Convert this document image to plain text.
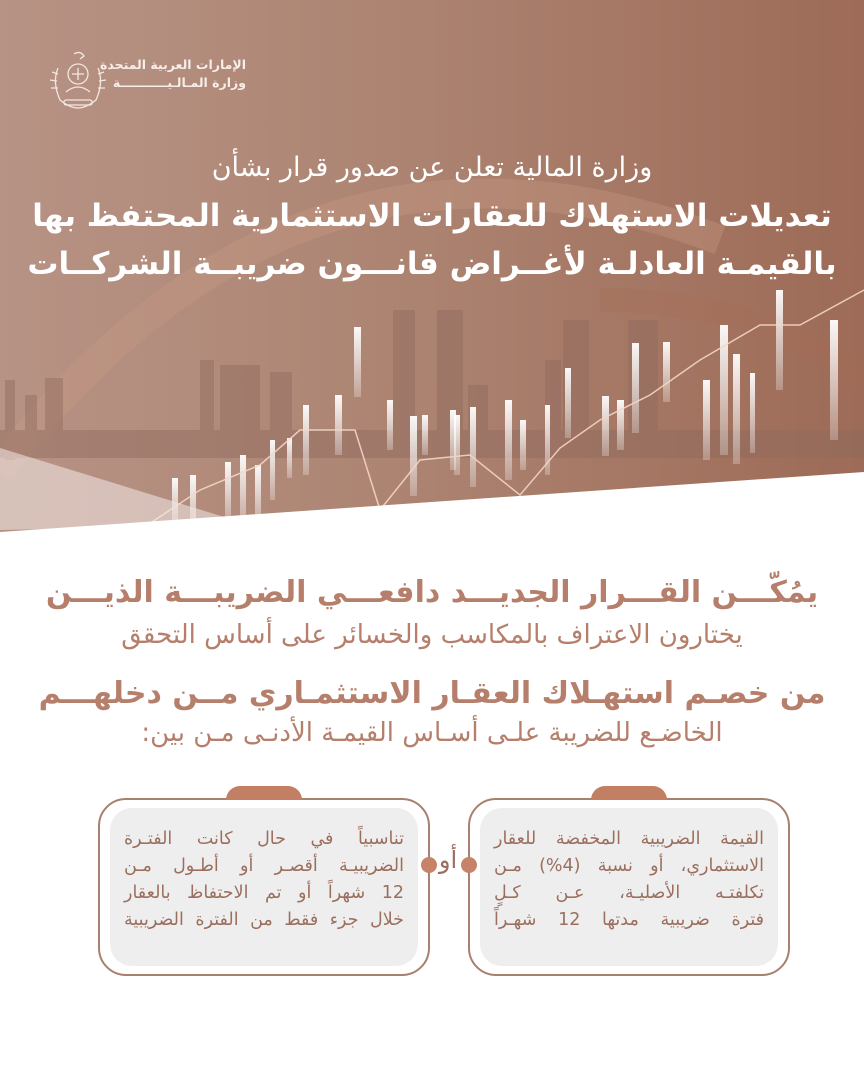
الإمارات العربية المتحدة
وزارة المـالـيـــــــــــة
وزارة المالية تعلن عن صدور قرار بشأن
تعديلات الاستهلاك للعقارات الاستثمارية المحتفظ بها
بالقيمـة العادلـة لأغــراض قانـــون ضريبــة الشركــات
يمُكّـــن القـــرار الجديـــد دافعـــي الضريبـــة الذيـــن
يختارون الاعتراف بالمكاسب والخسائر على أساس التحقق
من خصـم استهـلاك العقـار الاستثمـاري مــن دخلهـــم
الخاضـع للضريبة علـى أسـاس القيمـة الأدنـى مـن بين:
القيمة الضريبية المخفضة للعقار
الاستثماري، أو نسبة (4%) مـن
تكلفتـه الأصليـة، عـن كـلٍ
فترة ضريبية مدتها 12 شهـراً
أو
تناسبياً في حال كانت الفتـرة
الضريبيـة أقصـر أو أطـول مـن
12 شهراً أو تم الاحتفاظ بالعقار
خلال جزء فقط من الفترة الضريبية
